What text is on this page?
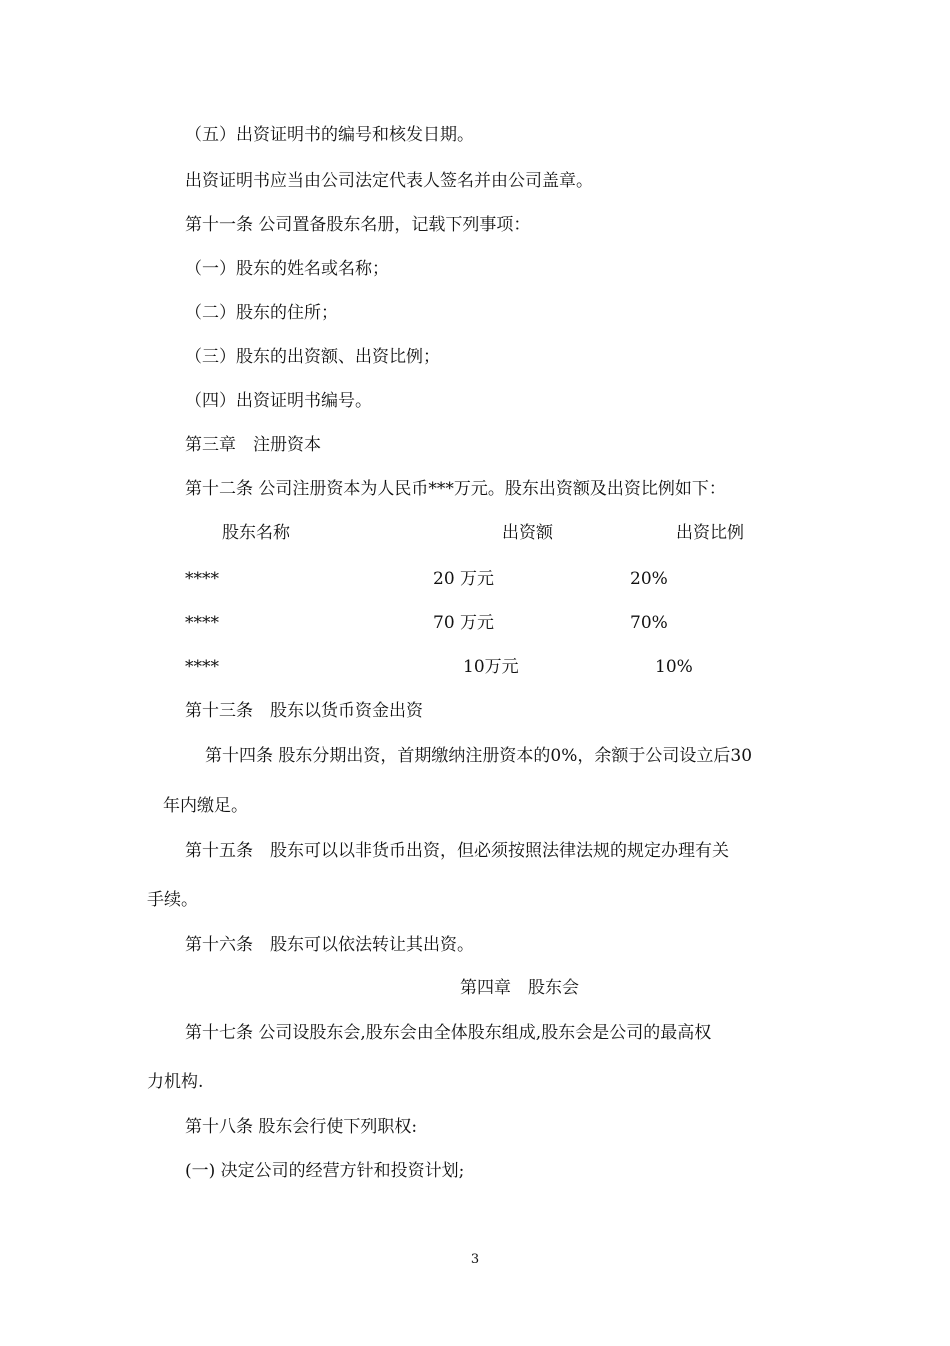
（五）出资证明书的编号和核发日期。
出资证明书应当由公司法定代表人签名并由公司盖章。
第十一条 公司置备股东名册，记载下列事项：
（一）股东的姓名或名称；
（二）股东的住所；
（三）股东的出资额、出资比例；
（四）出资证明书编号。
第三章　注册资本
第十二条 公司注册资本为人民币***万元。股东出资额及出资比例如下：
股东名称	出资额	出资比例
****	20 万元	20%
****	70 万元	70%
****	10万元	10%
第十三条　股东以货币资金出资
第十四条 股东分期出资，首期缴纳注册资本的0%，余额于公司设立后30
年内缴足。
第十五条　股东可以以非货币出资，但必须按照法律法规的规定办理有关
手续。
第十六条　股东可以依法转让其出资。
第四章　股东会
第十七条 公司设股东会,股东会由全体股东组成,股东会是公司的最高权
力机构.
第十八条 股东会行使下列职权:
(一) 决定公司的经营方针和投资计划;
3
